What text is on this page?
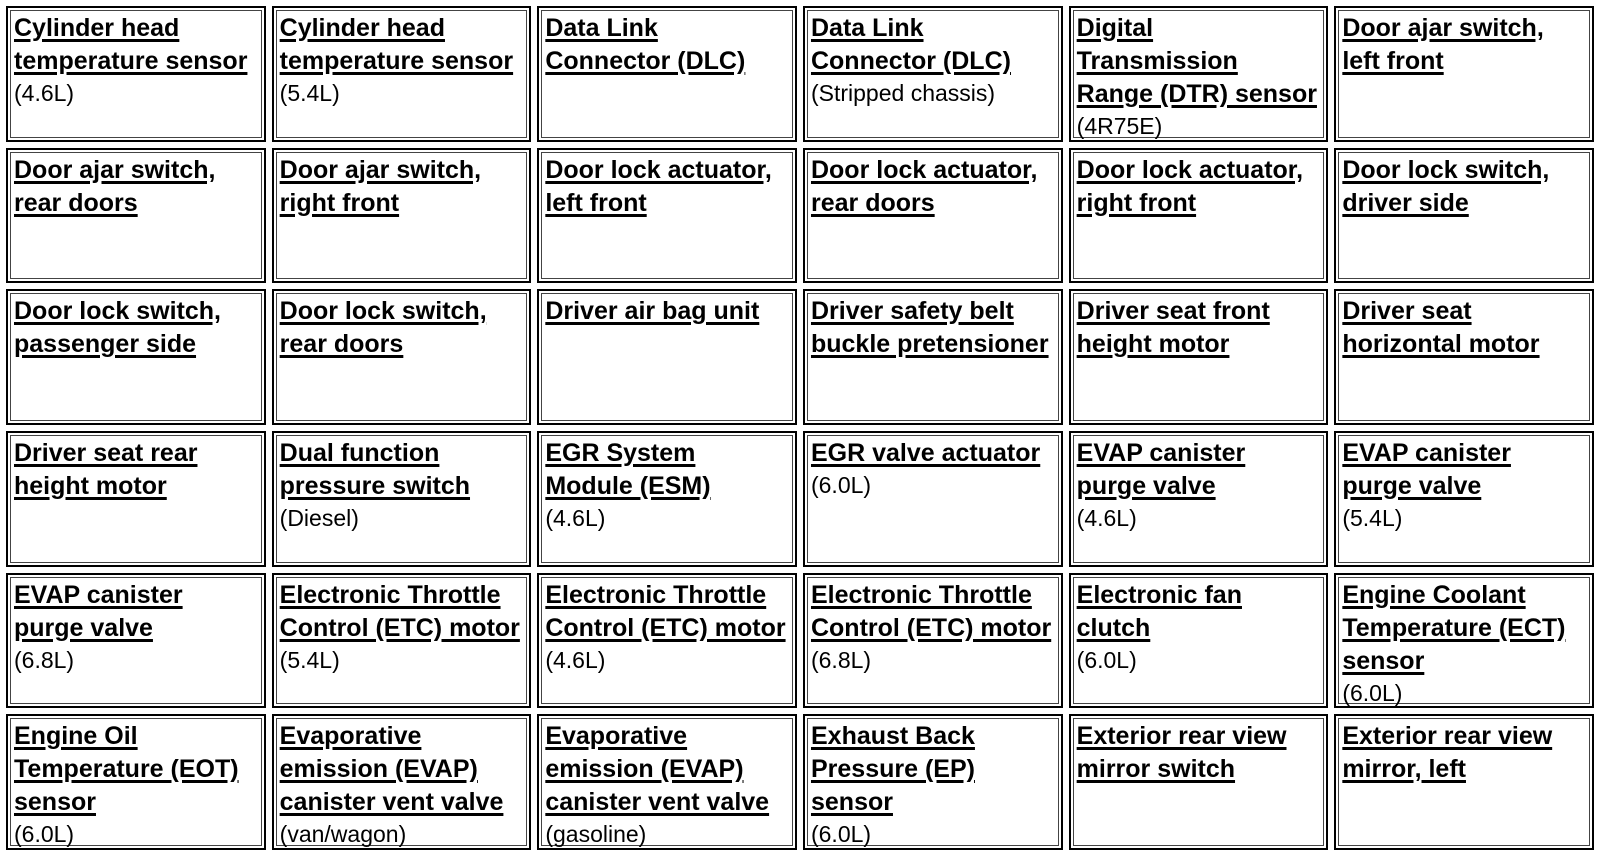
Cylinder head temperature sensor
(4.6L)
Cylinder head temperature sensor
(5.4L)
Data Link Connector (DLC)
Data Link Connector (DLC)
(Stripped chassis)
Digital Transmission Range (DTR) sensor
(4R75E)
Door ajar switch, left front
Door ajar switch, rear doors
Door ajar switch, right front
Door lock actuator, left front
Door lock actuator, rear doors
Door lock actuator, right front
Door lock switch, driver side
Door lock switch, passenger side
Door lock switch, rear doors
Driver air bag unit	Driver safety belt buckle pretensioner
Driver seat front height motor
Driver seat horizontal motor
Driver seat rear height motor
Dual function pressure switch
(Diesel)
EGR System Module (ESM)
(4.6L)
EGR valve actuator
(6.0L)
EVAP canister purge valve
(4.6L)
EVAP canister purge valve
(5.4L)
EVAP canister purge valve
(6.8L)
Electronic Throttle Control (ETC) motor
(5.4L)
Electronic Throttle Control (ETC) motor
(4.6L)
Electronic Throttle Control (ETC) motor
(6.8L)
Electronic fan clutch
(6.0L)
Engine Coolant Temperature (ECT) sensor
(6.0L)
Engine Oil Temperature (EOT) sensor
(6.0L)
Evaporative emission (EVAP) canister vent valve
(van/wagon)
Evaporative emission (EVAP) canister vent valve
(gasoline)
Exhaust Back Pressure (EP) sensor
(6.0L)
Exterior rear view mirror switch
Exterior rear view mirror, left
